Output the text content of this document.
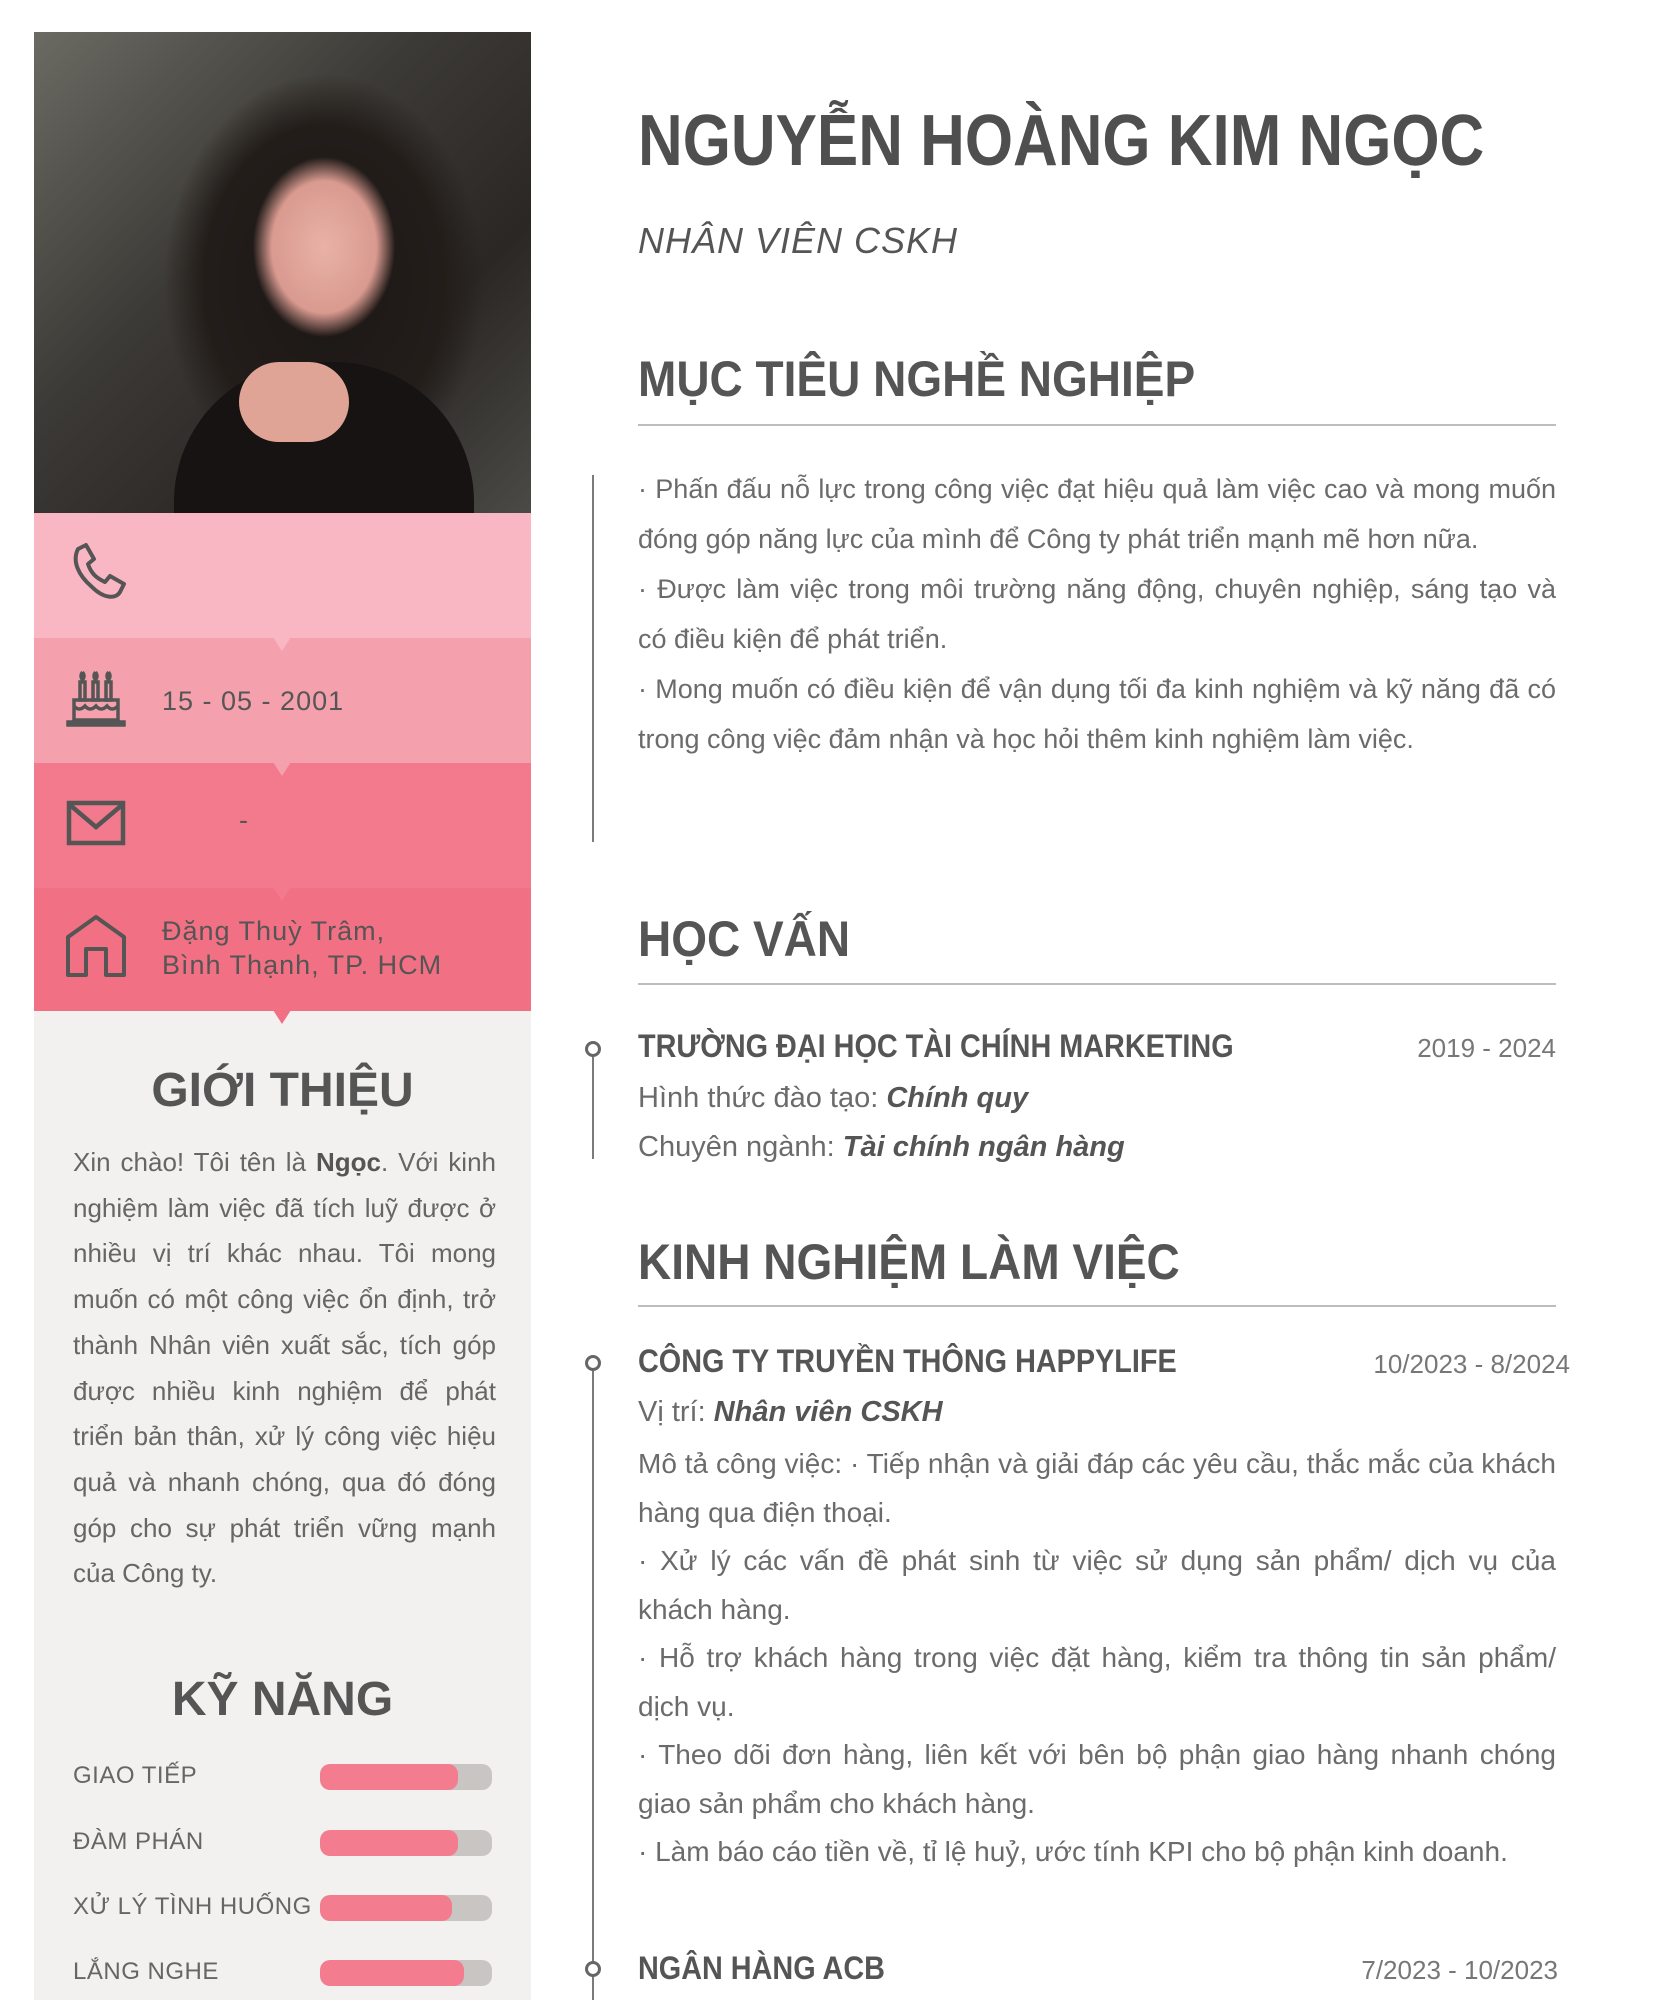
15 - 05 - 2001
-
Đặng Thuỳ Trâm,
Bình Thạnh, TP. HCM
GIỚI THIỆU
Xin chào! Tôi tên là Ngọc. Với kinh nghiệm làm việc đã tích luỹ được ở nhiều vị trí khác nhau. Tôi mong muốn có một công việc ổn định, trở thành Nhân viên xuất sắc, tích góp được nhiều kinh nghiệm để phát triển bản thân, xử lý công việc hiệu quả và nhanh chóng, qua đó đóng góp cho sự phát triển vững mạnh của Công ty.
KỸ NĂNG
GIAO TIẾP
ĐÀM PHÁN
XỬ LÝ TÌNH HUỐNG
LẮNG NGHE
NGUYỄN HOÀNG KIM NGỌC
NHÂN VIÊN CSKH
MỤC TIÊU NGHỀ NGHIỆP
· Phấn đấu nỗ lực trong công việc đạt hiệu quả làm việc cao và mong muốn đóng góp năng lực của mình để Công ty phát triển mạnh mẽ hơn nữa.
· Được làm việc trong môi trường năng động, chuyên nghiệp, sáng tạo và có điều kiện để phát triển.
· Mong muốn có điều kiện để vận dụng tối đa kinh nghiệm và kỹ năng đã có trong công việc đảm nhận và học hỏi thêm kinh nghiệm làm việc.
HỌC VẤN
TRƯỜNG ĐẠI HỌC TÀI CHÍNH MARKETING	2019 - 2024
Hình thức đào tạo: Chính quy
Chuyên ngành: Tài chính ngân hàng
KINH NGHIỆM LÀM VIỆC
CÔNG TY TRUYỀN THÔNG HAPPYLIFE	10/2023 - 8/2024
Vị trí: Nhân viên CSKH
Mô tả công việc: · Tiếp nhận và giải đáp các yêu cầu, thắc mắc của khách hàng qua điện thoại.
· Xử lý các vấn đề phát sinh từ việc sử dụng sản phẩm/ dịch vụ của khách hàng.
· Hỗ trợ khách hàng trong việc đặt hàng, kiểm tra thông tin sản phẩm/ dịch vụ.
· Theo dõi đơn hàng, liên kết với bên bộ phận giao hàng nhanh chóng giao sản phẩm cho khách hàng.
· Làm báo cáo tiền về, tỉ lệ huỷ, ước tính KPI cho bộ phận kinh doanh.
NGÂN HÀNG ACB	7/2023 - 10/2023
